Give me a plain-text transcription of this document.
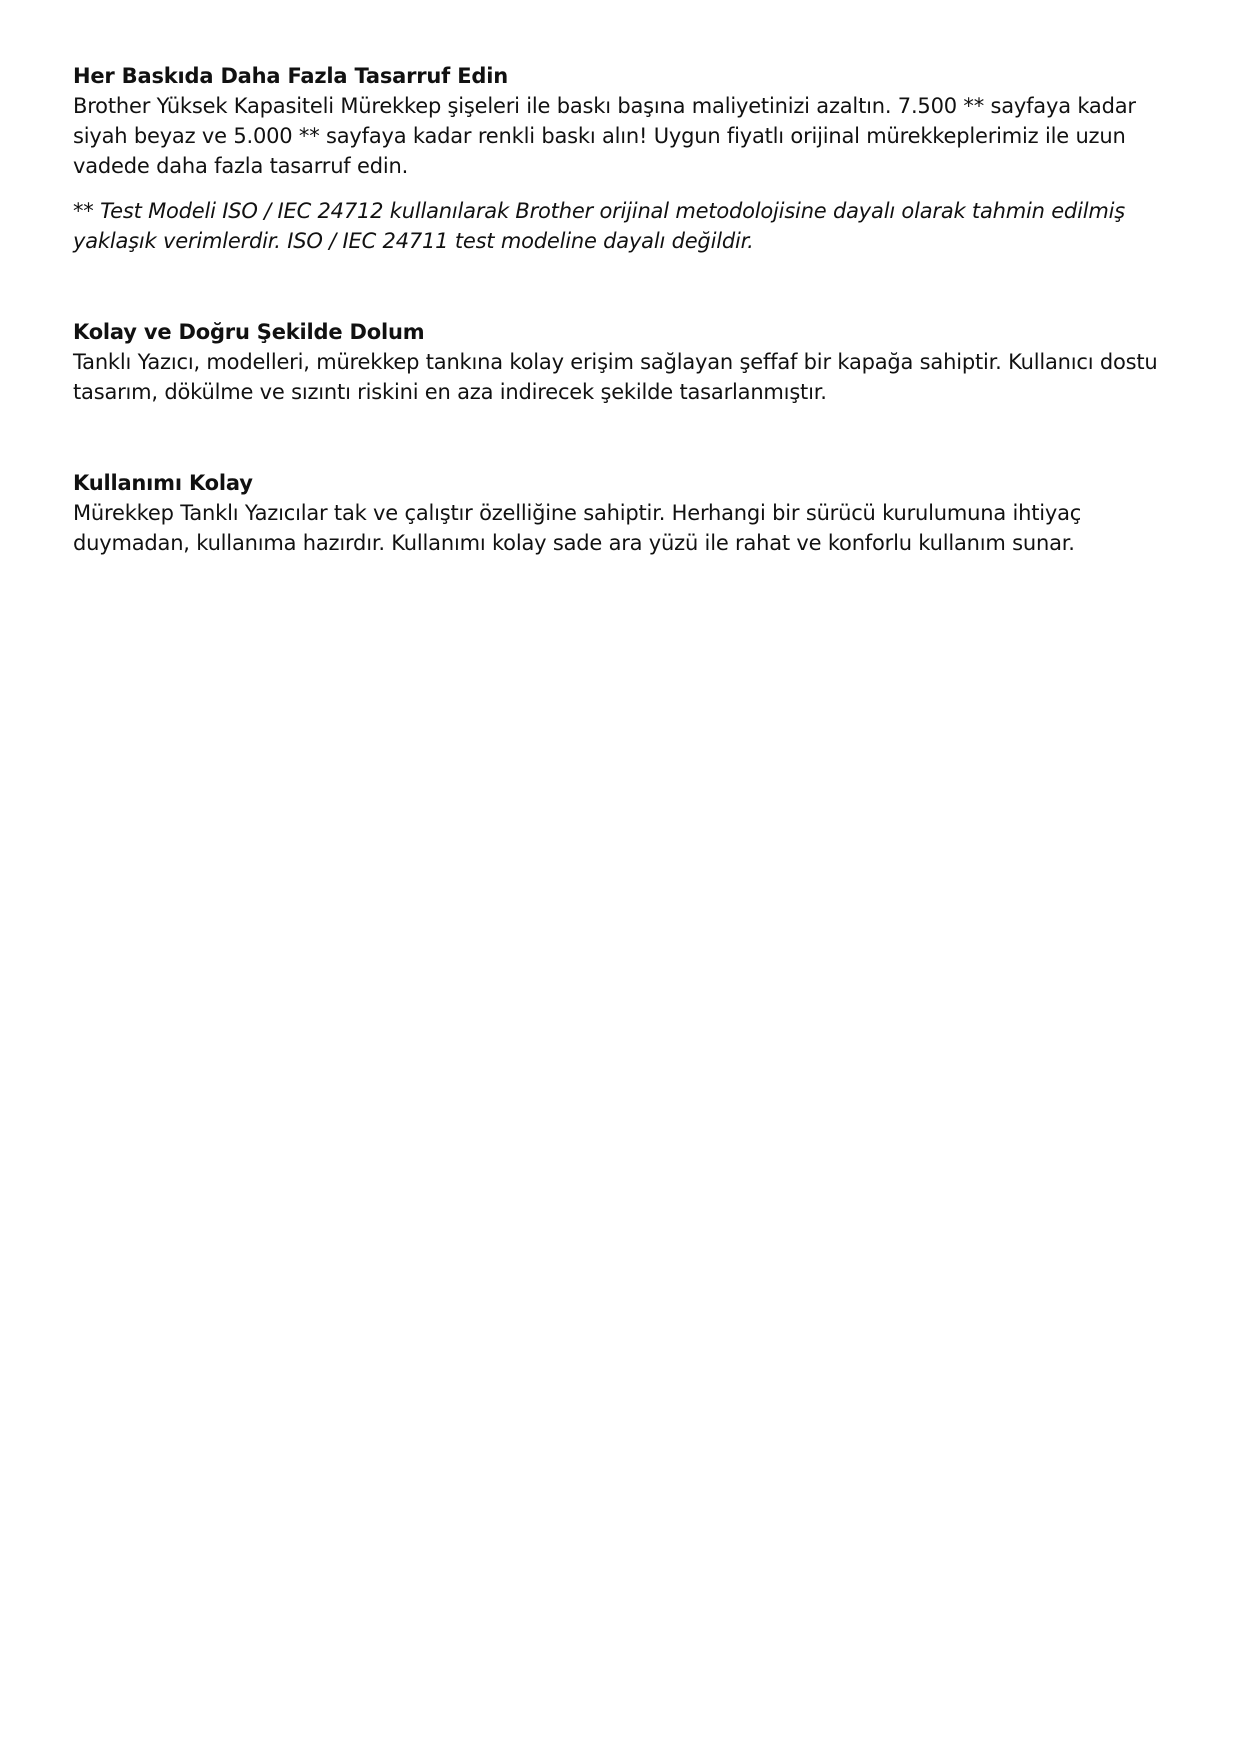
Her Baskıda Daha Fazla Tasarruf Edin

Brother Yüksek Kapasiteli Mürekkep şişeleri ile baskı başına maliyetinizi azaltın. 7.500 ** sayfaya kadar siyah beyaz ve 5.000 ** sayfaya kadar renkli baskı alın! Uygun fiyatlı orijinal mürekkeplerimiz ile uzun vadede daha fazla tasarruf edin.

** Test Modeli ISO / IEC 24712 kullanılarak Brother orijinal metodolojisine dayalı olarak tahmin edilmiş yaklaşık verimlerdir. ISO / IEC 24711 test modeline dayalı değildir.

Kolay ve Doğru Şekilde Dolum

Tanklı Yazıcı, modelleri, mürekkep tankına kolay erişim sağlayan şeffaf bir kapağa sahiptir. Kullanıcı dostu tasarım, dökülme ve sızıntı riskini en aza indirecek şekilde tasarlanmıştır.

Kullanımı Kolay

Mürekkep Tanklı Yazıcılar tak ve çalıştır özelliğine sahiptir. Herhangi bir sürücü kurulumuna ihtiyaç duymadan, kullanıma hazırdır. Kullanımı kolay sade ara yüzü ile rahat ve konforlu kullanım sunar.
